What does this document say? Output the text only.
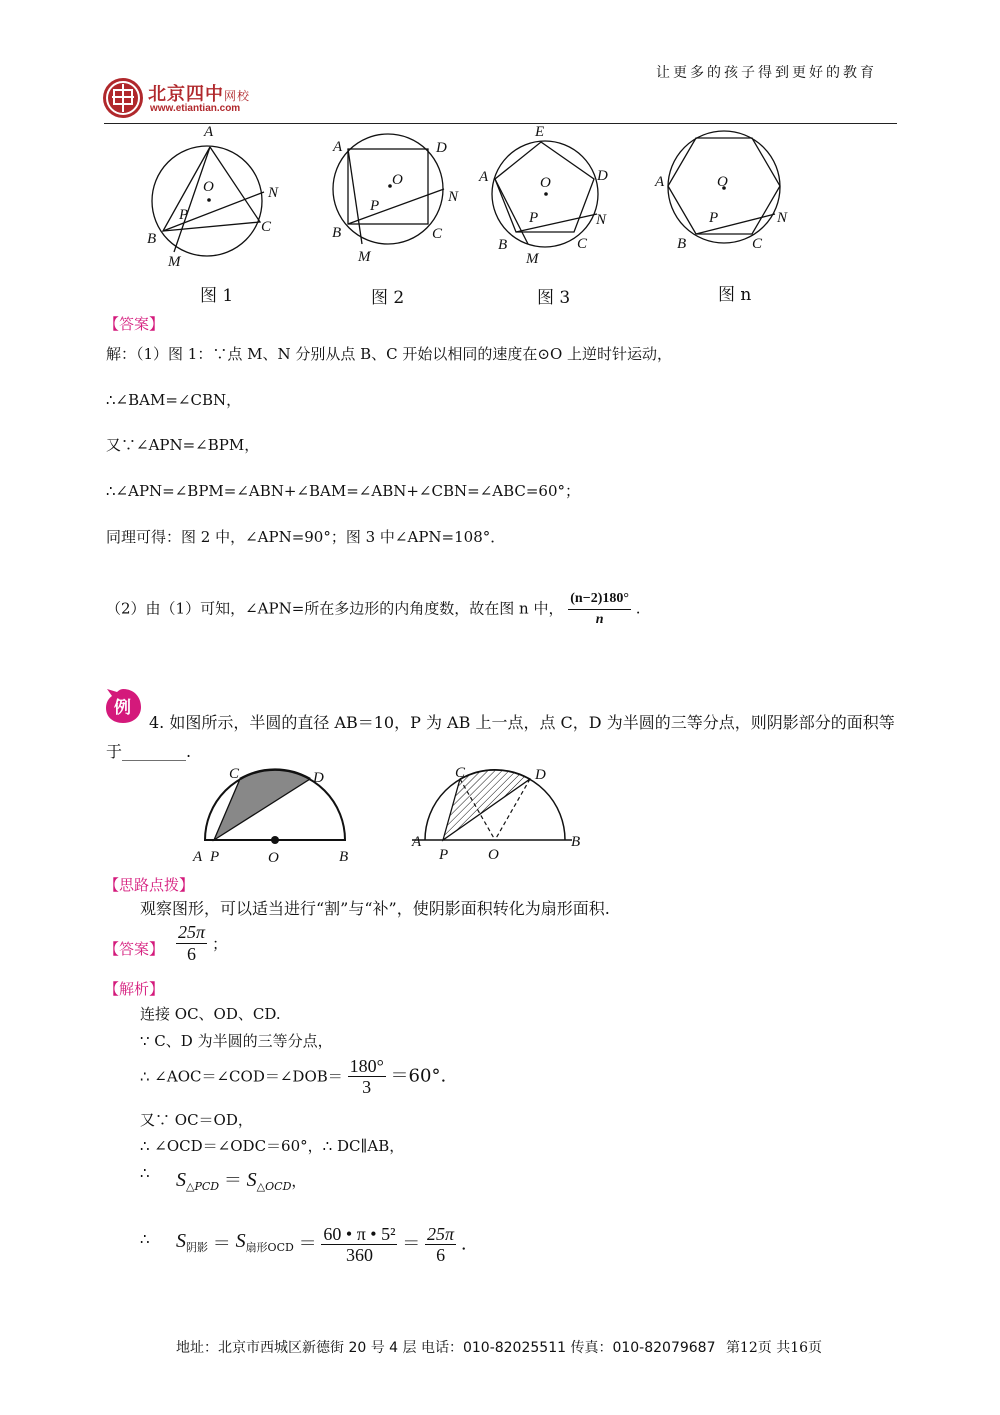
让更多的孩子得到更好的教育
北京四中网校
www.etiantian.com
A
O
P
N
C
B
M
A	D
O
P
N
C
B
M
E
A	D
O
P	N
C
B
M
A	O
P	N
C
B
图 1	图 2	图 3	图 n
【答案】
解：（1）图 1：∵点 M、N 分别从点 B、C 开始以相同的速度在⊙O 上逆时针运动，
∴∠BAM=∠CBN，
又∵∠APN=∠BPM，
∴∠APN=∠BPM=∠ABN+∠BAM=∠ABN+∠CBN=∠ABC=60°；
同理可得：图 2 中，∠APN=90°；图 3 中∠APN=108°．
（2）由（1）可知，∠APN=所在多边形的内角度数，故在图 n 中， $\frac{(n-2)180^\circ}{n}$ .
例
4. 如图所示，半圆的直径 AB＝10，P 为 AB 上一点，点 C，D 为半圆的三等分点，则阴影部分的面积等
于________.
C	D
A P	O	B
C	D
A
P	O
B
【思路点拨】
观察图形，可以适当进行“割”与“补”，使阴影面积转化为扇形面积.
【答案】 $\frac{25\pi}{6}$ ；
【解析】
连接 OC、OD、CD.
∵ C、D 为半圆的三等分点，
∴ ∠AOC＝∠COD＝∠DOB＝ $\frac{180^\circ}{3} =60^\circ$.
又∵ OC＝OD，
∴ ∠OCD＝∠ODC＝60°，∴ DC∥AB，
∴ $S_{\triangle PCD} = S_{\triangle OCD}$，
∴ $S_{阴影} = S_{扇形OCD} = \frac{\text{60 • π • 5²}}{360} = \frac{25\pi}{6}$ .
地址：北京市西城区新德街 20 号 4 层 电话：010-82025511 传真：010-82079687 第12页 共16页
